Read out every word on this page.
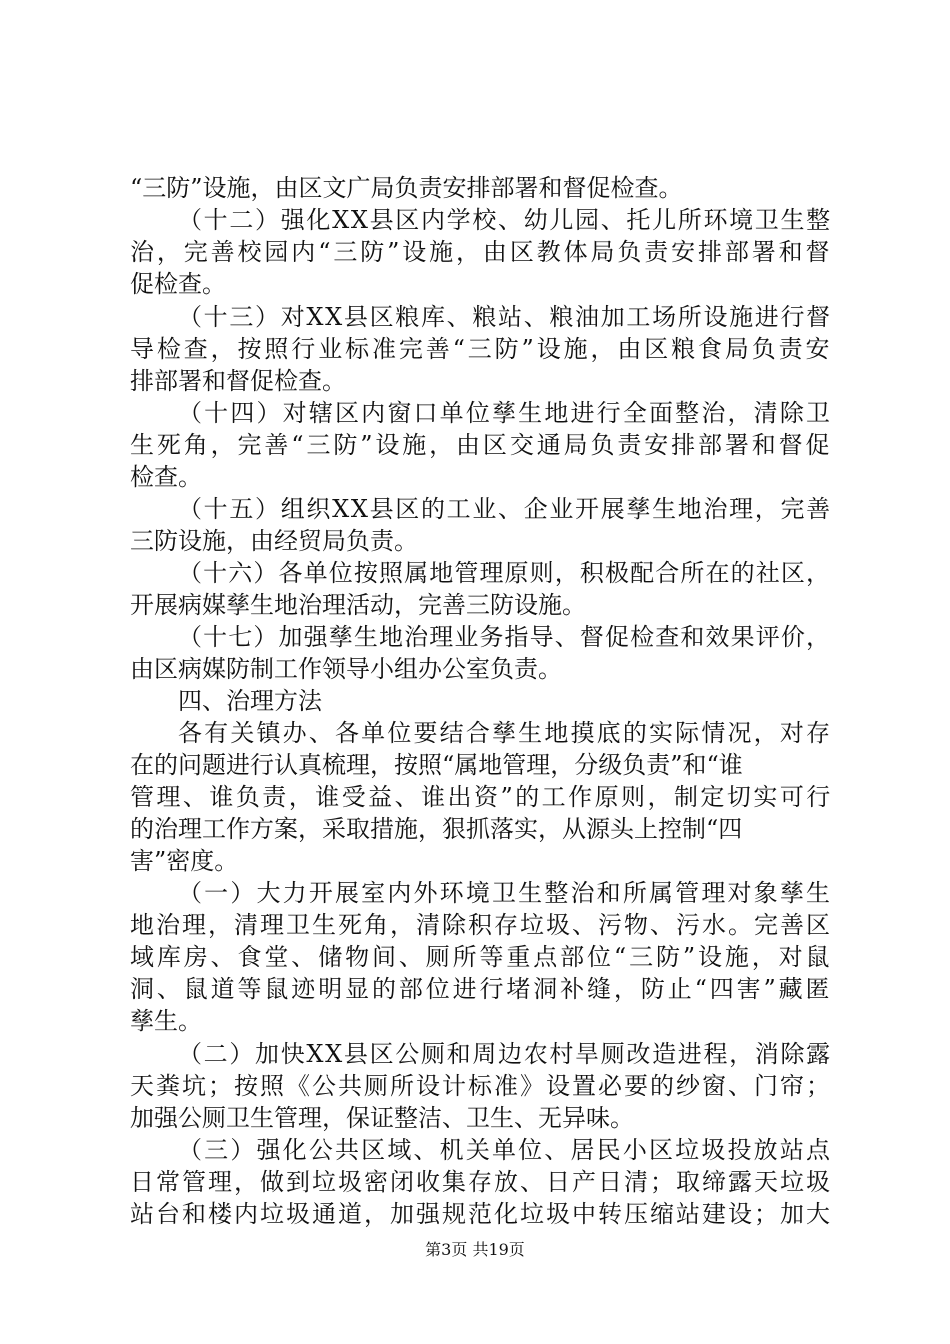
“三防”设施，由区文广局负责安排部署和督促检查。
（十二）强化XX县区内学校、幼儿园、托儿所环境卫生整
治，完善校园内“三防”设施，由区教体局负责安排部署和督
促检查。
（十三）对XX县区粮库、粮站、粮油加工场所设施进行督
导检查，按照行业标准完善“三防”设施，由区粮食局负责安
排部署和督促检查。
（十四）对辖区内窗口单位孳生地进行全面整治，清除卫
生死角，完善“三防”设施，由区交通局负责安排部署和督促
检查。
（十五）组织XX县区的工业、企业开展孳生地治理，完善
三防设施，由经贸局负责。
（十六）各单位按照属地管理原则，积极配合所在的社区，
开展病媒孳生地治理活动，完善三防设施。
（十七）加强孳生地治理业务指导、督促检查和效果评价，
由区病媒防制工作领导小组办公室负责。
四、治理方法
各有关镇办、各单位要结合孳生地摸底的实际情况，对存
在的问题进行认真梳理，按照“属地管理，分级负责”和“谁
管理、谁负责，谁受益、谁出资”的工作原则，制定切实可行
的治理工作方案，采取措施，狠抓落实，从源头上控制“四
害”密度。
（一）大力开展室内外环境卫生整治和所属管理对象孳生
地治理，清理卫生死角，清除积存垃圾、污物、污水。完善区
域库房、食堂、储物间、厕所等重点部位“三防”设施，对鼠
洞、鼠道等鼠迹明显的部位进行堵洞补缝，防止“四害”藏匿
孳生。
（二）加快XX县区公厕和周边农村旱厕改造进程，消除露
天粪坑；按照《公共厕所设计标准》设置必要的纱窗、门帘；
加强公厕卫生管理，保证整洁、卫生、无异味。
（三）强化公共区域、机关单位、居民小区垃圾投放站点
日常管理，做到垃圾密闭收集存放、日产日清；取缔露天垃圾
站台和楼内垃圾通道，加强规范化垃圾中转压缩站建设；加大
第3页 共19页
